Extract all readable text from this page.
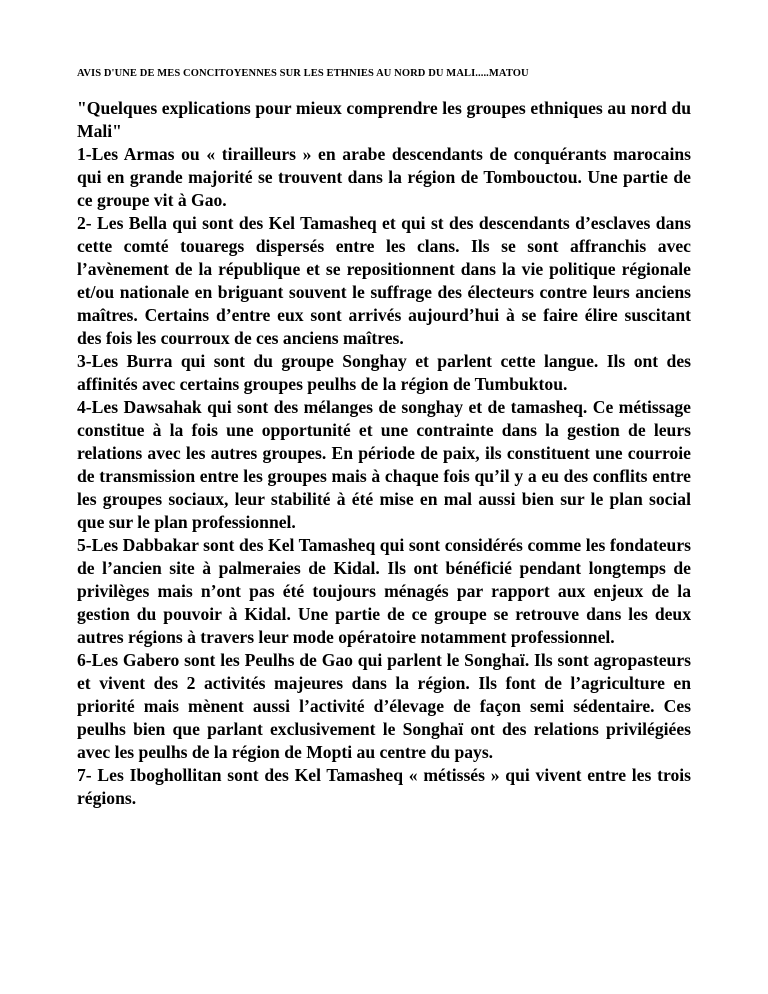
AVIS D'UNE DE MES CONCITOYENNES SUR LES ETHNIES AU NORD DU MALI.....MATOU

"Quelques explications pour mieux comprendre les groupes ethniques au nord du Mali"

1-Les Armas ou « tirailleurs » en arabe descendants de conquérants marocains qui en grande majorité se trouvent dans la région de Tombouctou. Une partie de ce groupe vit à Gao.

2- Les Bella qui sont des Kel Tamasheq et qui st des descendants d’esclaves dans cette comté touaregs dispersés entre les clans. Ils se sont affranchis avec l’avènement de la république et se repositionnent dans la vie politique régionale et/ou nationale en briguant souvent le suffrage des électeurs contre leurs anciens maîtres. Certains d’entre eux sont arrivés aujourd’hui à se faire élire suscitant des fois les courroux de ces anciens maîtres.

3-Les Burra qui sont du groupe Songhay et parlent cette langue. Ils ont des affinités avec certains groupes peulhs de la région de Tumbuktou.

4-Les Dawsahak qui sont des mélanges de songhay et de tamasheq. Ce métissage constitue à la fois une opportunité et une contrainte dans la gestion de leurs relations avec les autres groupes. En période de paix, ils constituent une courroie de transmission entre les groupes mais à chaque fois qu’il y a eu des conflits entre les groupes sociaux, leur stabilité à été mise en mal aussi bien sur le plan social que sur le plan professionnel.

5-Les Dabbakar sont des Kel Tamasheq qui sont considérés comme les fondateurs de l’ancien site à palmeraies de Kidal. Ils ont bénéficié pendant longtemps de privilèges mais n’ont pas été toujours ménagés par rapport aux enjeux de la gestion du pouvoir à Kidal. Une partie de ce groupe se retrouve dans les deux autres régions à travers leur mode opératoire notamment professionnel.

6-Les Gabero sont les Peulhs de Gao qui parlent le Songhaï. Ils sont agropasteurs et vivent des 2 activités majeures dans la région. Ils font de l’agriculture en priorité mais mènent aussi l’activité d’élevage de façon semi sédentaire. Ces peulhs bien que parlant exclusivement le Songhaï ont des relations privilégiées avec les peulhs de la région de Mopti au centre du pays.

7- Les Iboghollitan sont des Kel Tamasheq « métissés » qui vivent entre les trois régions.
